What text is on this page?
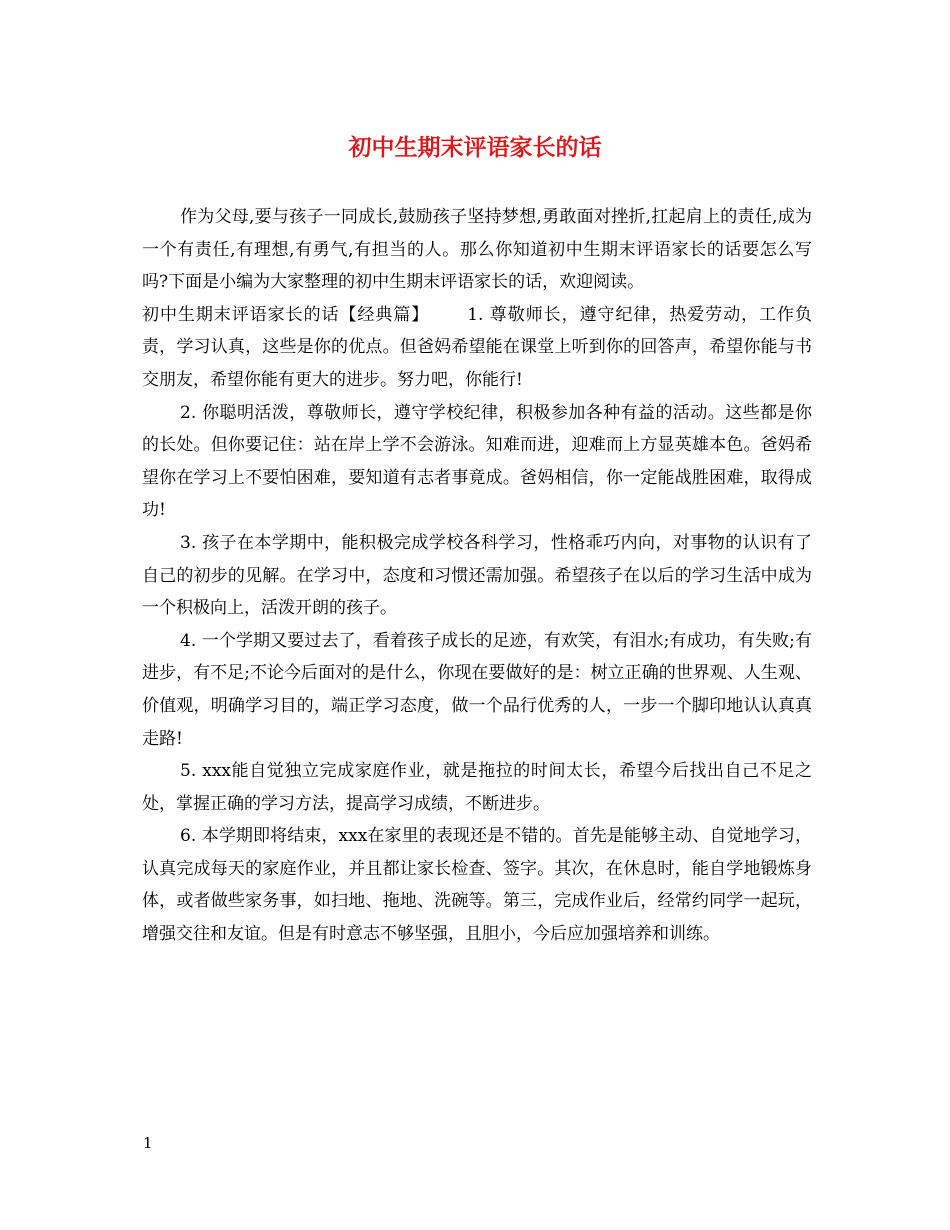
初中生期末评语家长的话

作为父母,要与孩子一同成长,鼓励孩子坚持梦想,勇敢面对挫折,扛起肩上的责任,成为一个有责任,有理想,有勇气,有担当的人。那么你知道初中生期末评语家长的话要怎么写吗?下面是小编为大家整理的初中生期末评语家长的话，欢迎阅读。

初中生期末评语家长的话【经典篇】 1. 尊敬师长，遵守纪律，热爱劳动，工作负责，学习认真，这些是你的优点。但爸妈希望能在课堂上听到你的回答声，希望你能与书交朋友，希望你能有更大的进步。努力吧，你能行!

2. 你聪明活泼，尊敬师长，遵守学校纪律，积极参加各种有益的活动。这些都是你的长处。但你要记住：站在岸上学不会游泳。知难而进，迎难而上方显英雄本色。爸妈希望你在学习上不要怕困难，要知道有志者事竟成。爸妈相信，你一定能战胜困难，取得成功!

3. 孩子在本学期中，能积极完成学校各科学习，性格乖巧内向，对事物的认识有了自己的初步的见解。在学习中，态度和习惯还需加强。希望孩子在以后的学习生活中成为一个积极向上，活泼开朗的孩子。

4. 一个学期又要过去了，看着孩子成长的足迹，有欢笑，有泪水;有成功，有失败;有进步，有不足;不论今后面对的是什么，你现在要做好的是：树立正确的世界观、人生观、价值观，明确学习目的，端正学习态度，做一个品行优秀的人，一步一个脚印地认认真真走路!

5. xxx能自觉独立完成家庭作业，就是拖拉的时间太长，希望今后找出自己不足之处，掌握正确的学习方法，提高学习成绩，不断进步。

6. 本学期即将结束，xxx在家里的表现还是不错的。首先是能够主动、自觉地学习，认真完成每天的家庭作业，并且都让家长检查、签字。其次，在休息时，能自学地锻炼身体，或者做些家务事，如扫地、拖地、洗碗等。第三，完成作业后，经常约同学一起玩，增强交往和友谊。但是有时意志不够坚强，且胆小，今后应加强培养和训练。

1
